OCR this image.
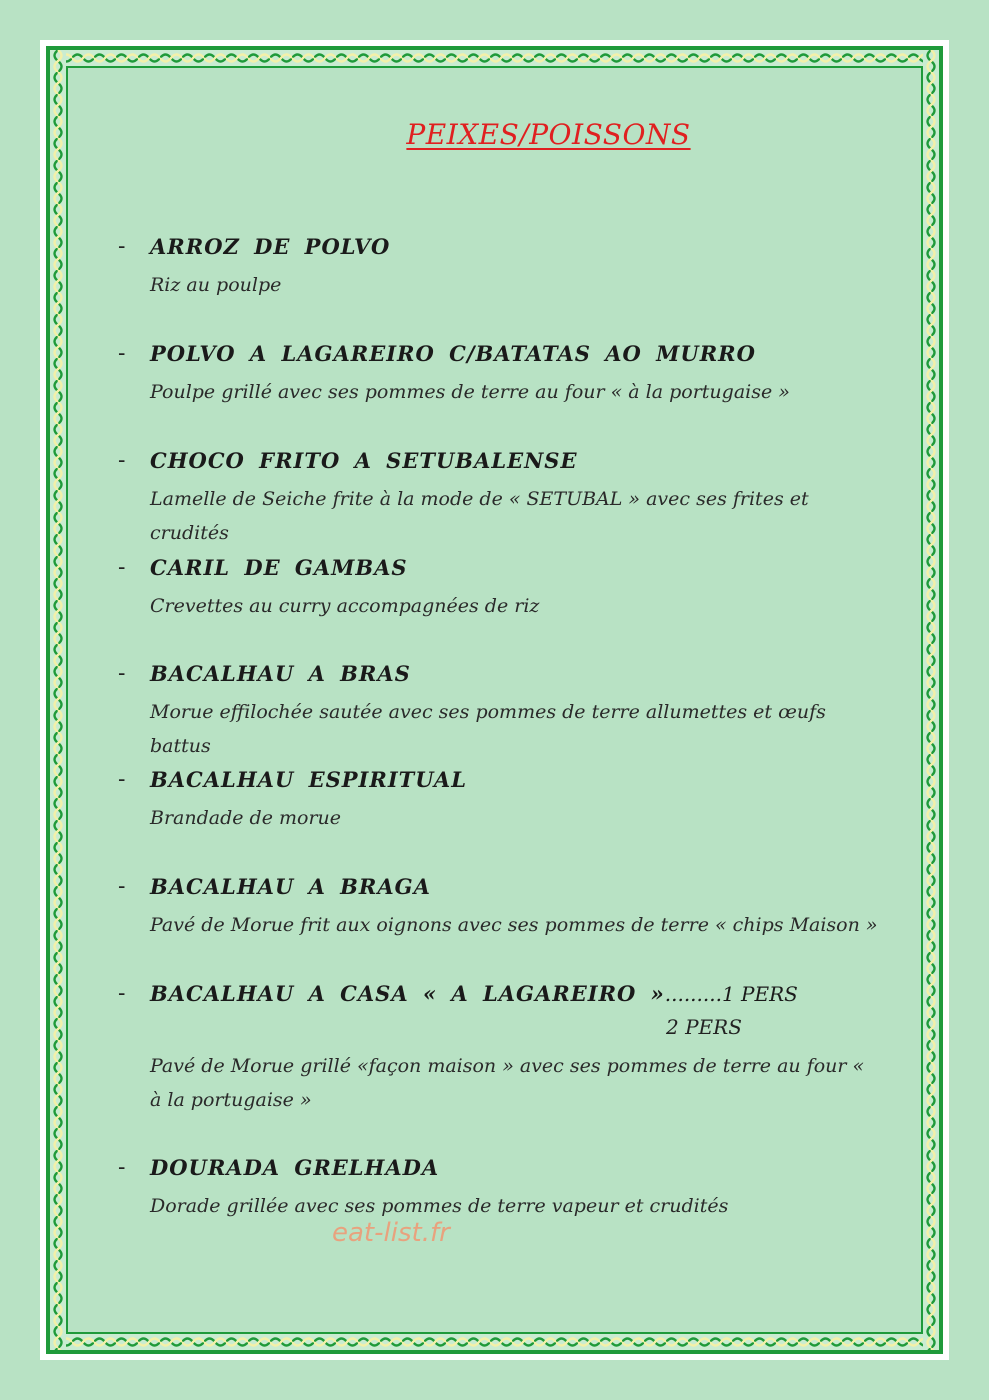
PEIXES/POISSONS
- ARROZ DE POLVO
Riz au poulpe
- POLVO A LAGAREIRO C/BATATAS AO MURRO
Poulpe grillé avec ses pommes de terre au four « à la portugaise »
- CHOCO FRITO A SETUBALENSE
Lamelle de Seiche frite à la mode de « SETUBAL » avec ses frites et crudités
- CARIL DE GAMBAS
Crevettes au curry accompagnées de riz
- BACALHAU A BRAS
Morue effilochée sautée avec ses pommes de terre allumettes et œufs battus
- BACALHAU ESPIRITUAL
Brandade de morue
- BACALHAU A BRAGA
Pavé de Morue frit aux oignons avec ses pommes de terre « chips Maison »
- BACALHAU A CASA « A LAGAREIRO ».........1 PERS
2 PERS
Pavé de Morue grillé «façon maison » avec ses pommes de terre au four « à la portugaise »
- DOURADA GRELHADA
Dorade grillée avec ses pommes de terre vapeur et crudités
eat-list.fr
